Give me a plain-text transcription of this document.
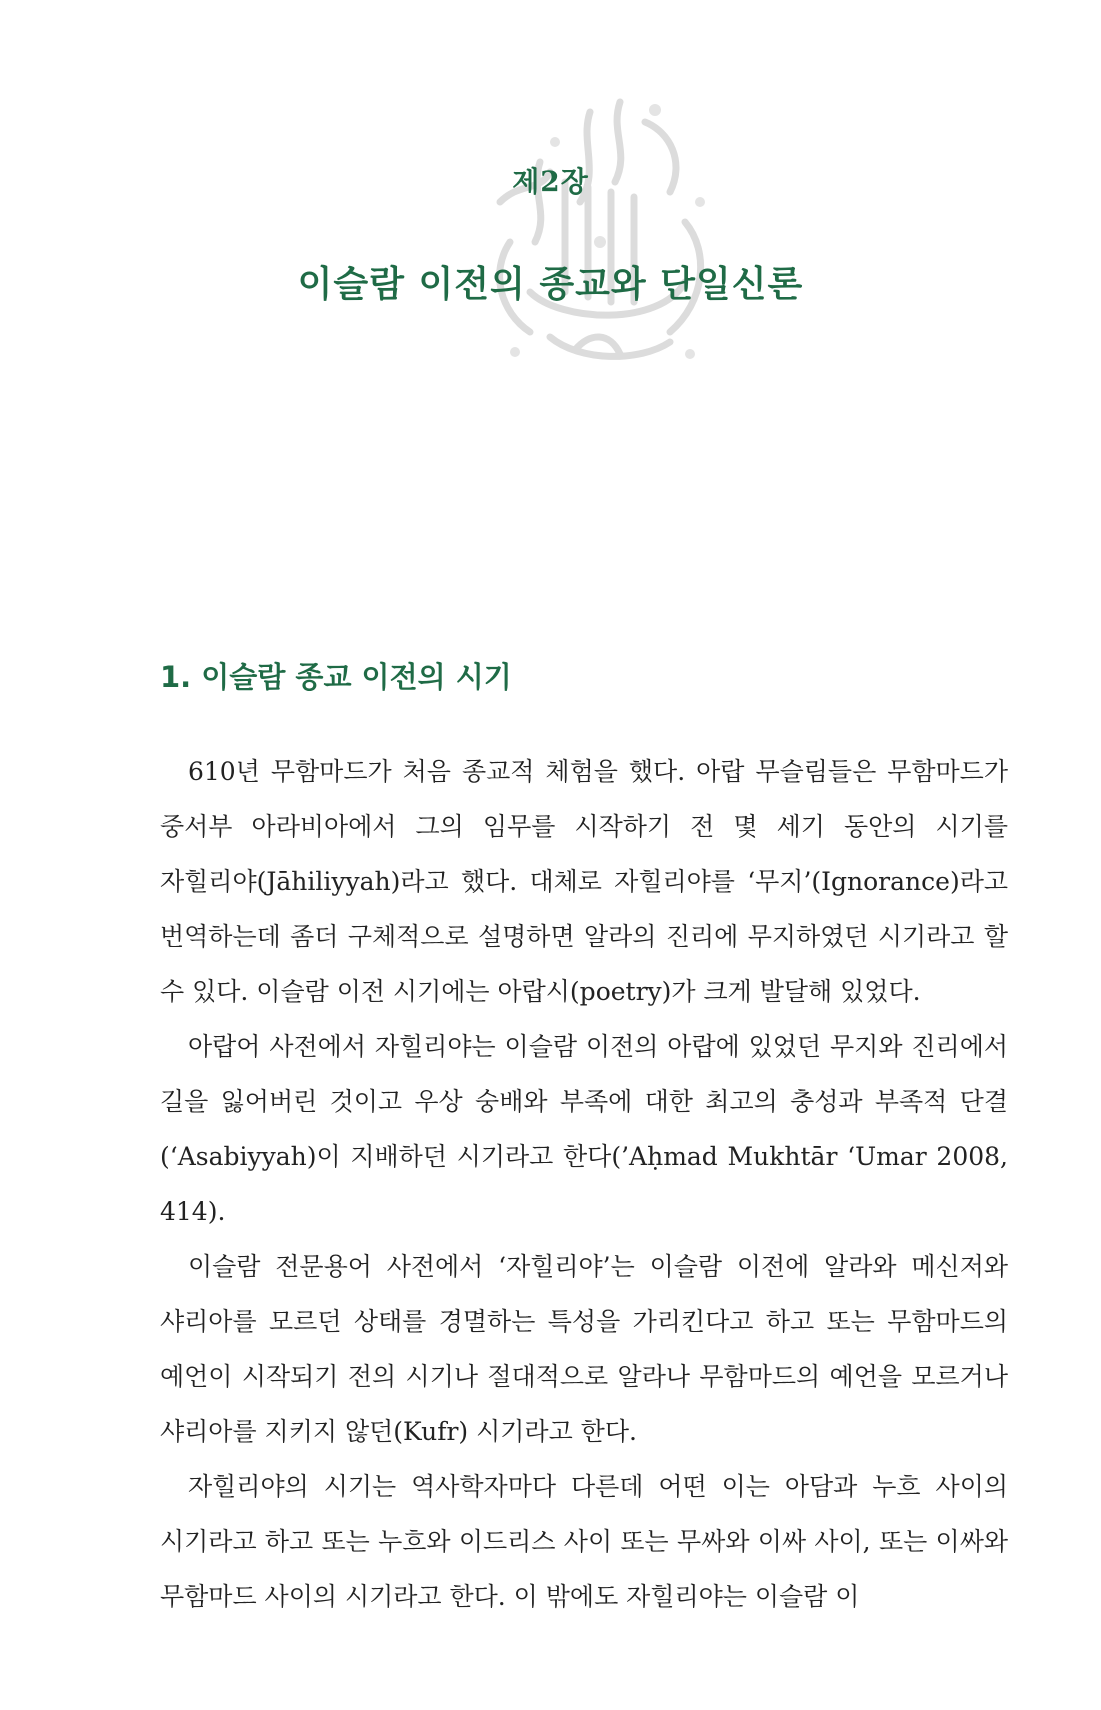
제2장
이슬람 이전의 종교와 단일신론
1. 이슬람 종교 이전의 시기

610년 무함마드가 처음 종교적 체험을 했다. 아랍 무슬림들은 무함마드가 중서부 아라비아에서 그의 임무를 시작하기 전 몇 세기 동안의 시기를 자힐리야(Jāhiliyyah)라고 했다. 대체로 자힐리야를 ‘무지’(Ignorance)라고 번역하는데 좀더 구체적으로 설명하면 알라의 진리에 무지하였던 시기라고 할 수 있다. 이슬람 이전 시기에는 아랍시(poetry)가 크게 발달해 있었다.

아랍어 사전에서 자힐리야는 이슬람 이전의 아랍에 있었던 무지와 진리에서 길을 잃어버린 것이고 우상 숭배와 부족에 대한 최고의 충성과 부족적 단결(‘Asabiyyah)이 지배하던 시기라고 한다(’Aḥmad Mukhtār ‘Umar 2008, 414).

이슬람 전문용어 사전에서 ‘자힐리야’는 이슬람 이전에 알라와 메신저와 샤리아를 모르던 상태를 경멸하는 특성을 가리킨다고 하고 또는 무함마드의 예언이 시작되기 전의 시기나 절대적으로 알라나 무함마드의 예언을 모르거나 샤리아를 지키지 않던(Kufr) 시기라고 한다.

자힐리야의 시기는 역사학자마다 다른데 어떤 이는 아담과 누흐 사이의 시기라고 하고 또는 누흐와 이드리스 사이 또는 무싸와 이싸 사이, 또는 이싸와 무함마드 사이의 시기라고 한다. 이 밖에도 자힐리야는 이슬람 이
